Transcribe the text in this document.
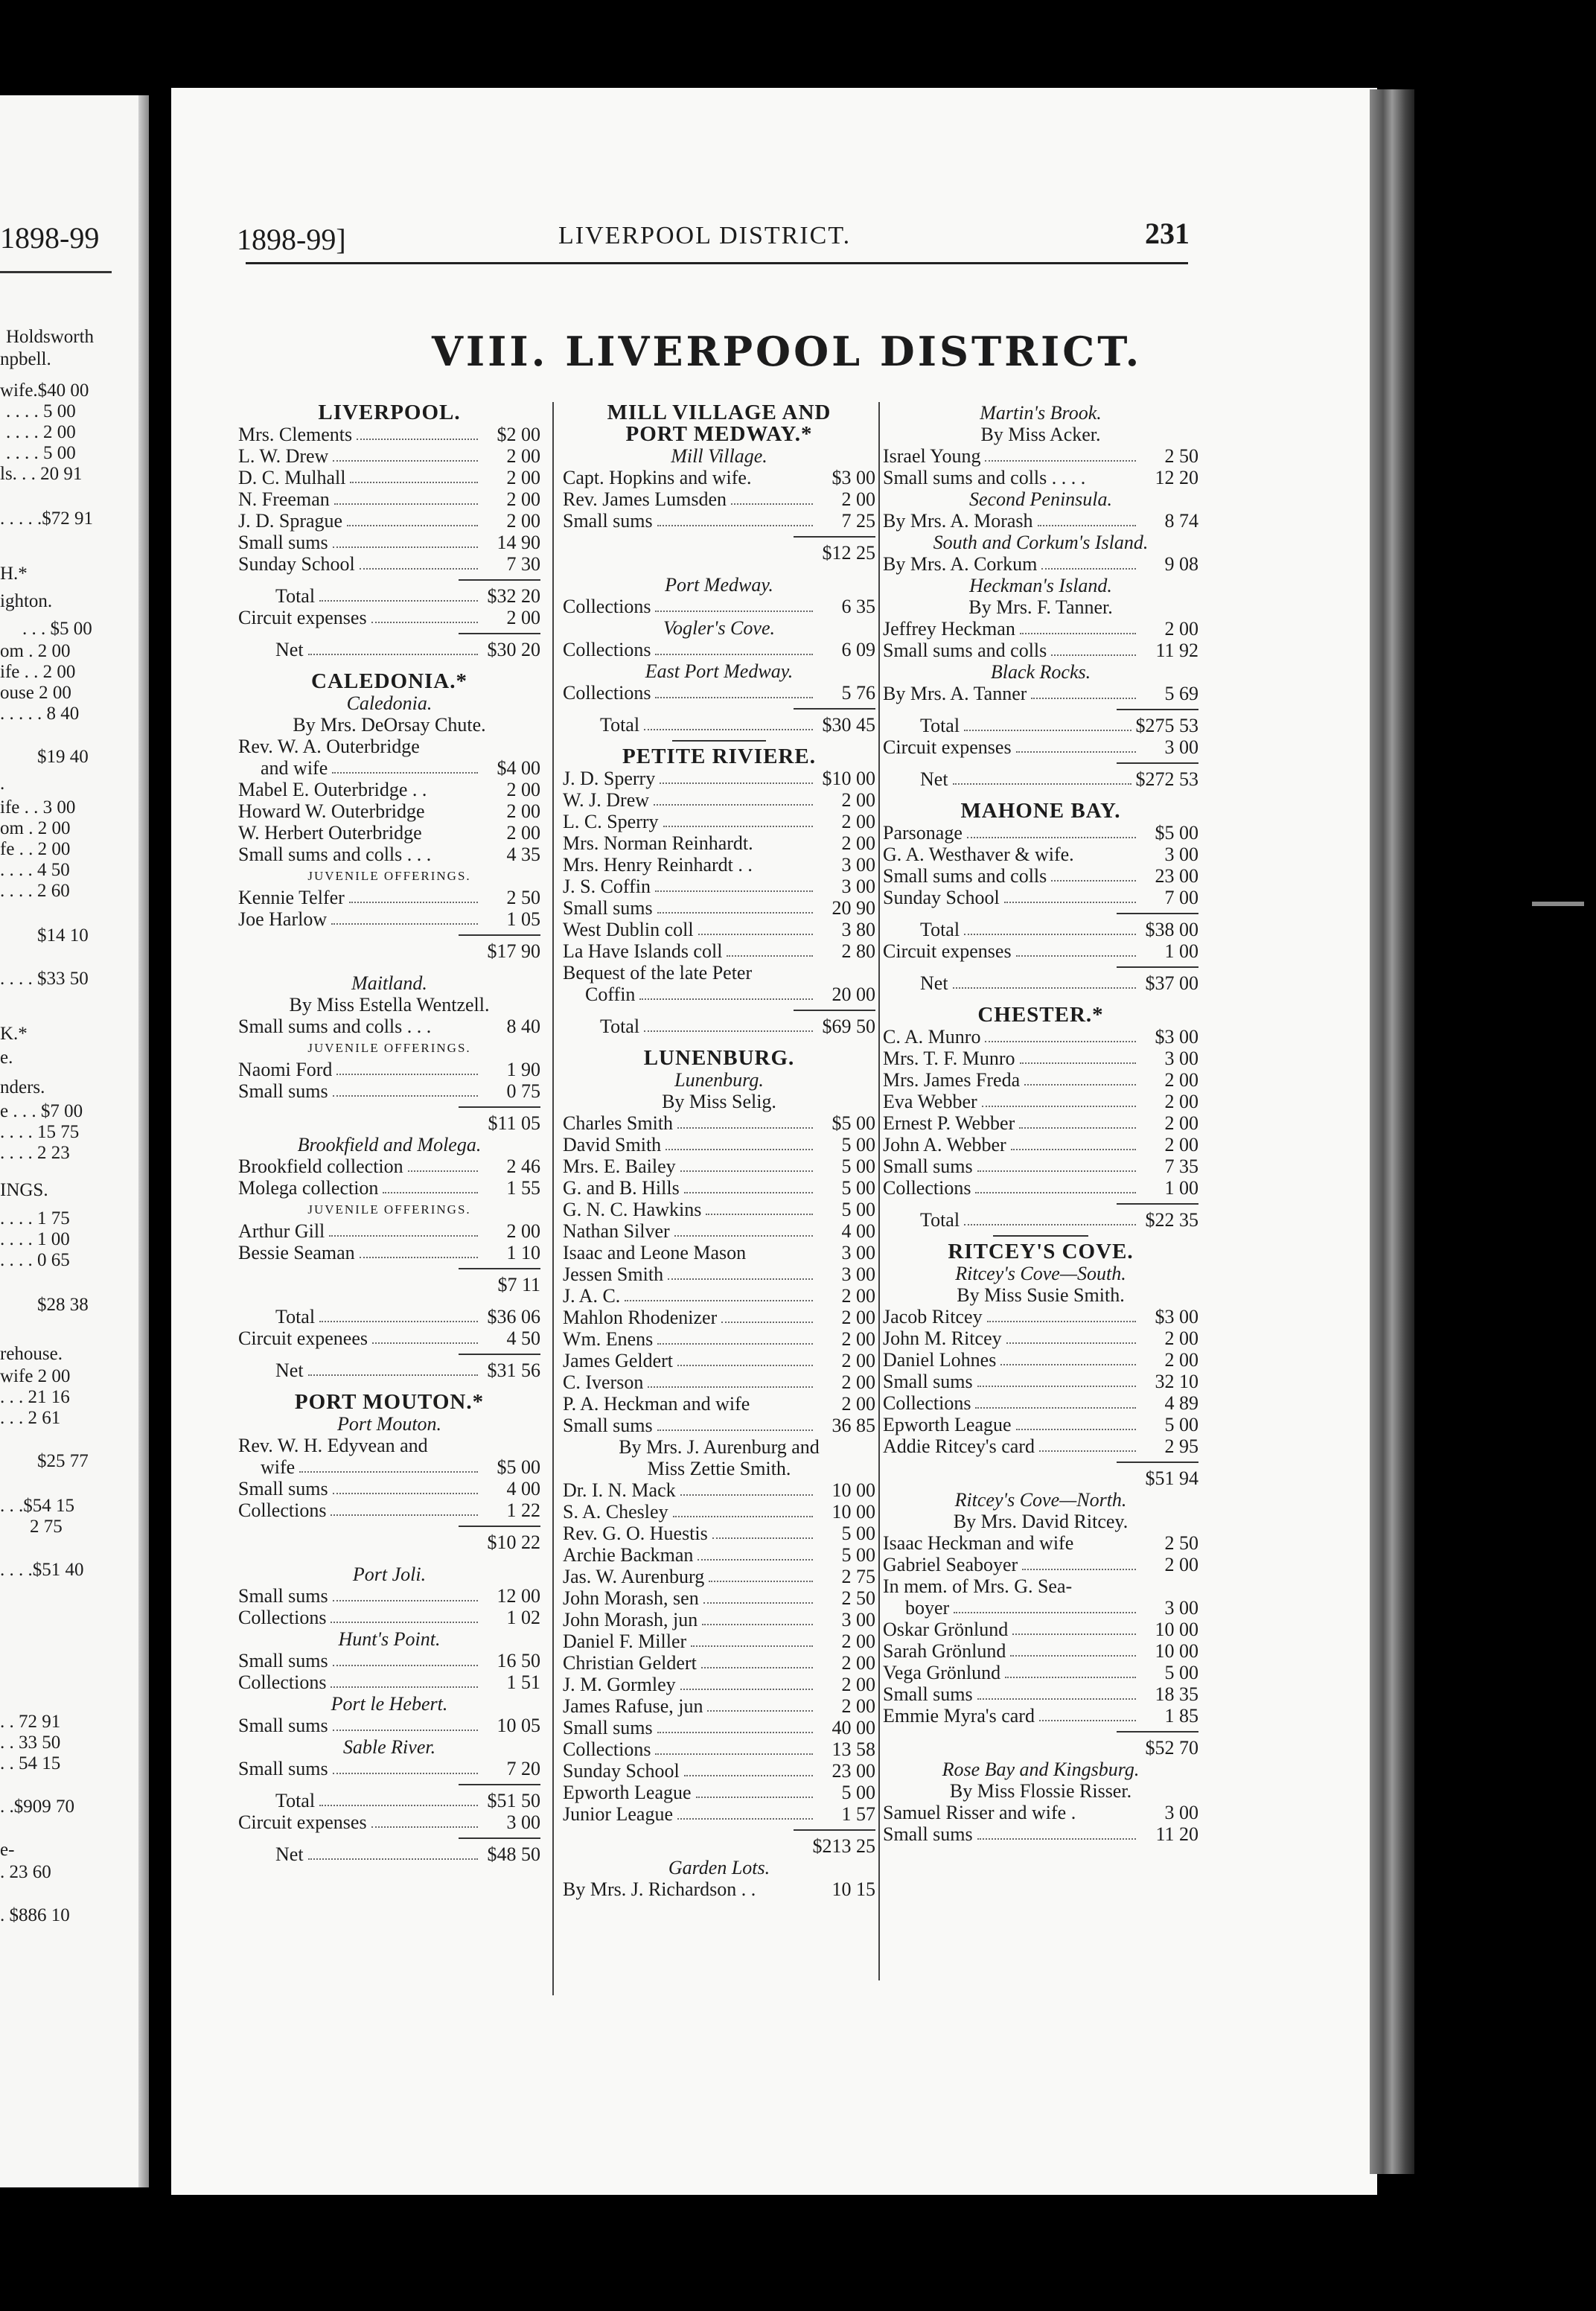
1898-99
Holdsworth
npbell.
wife.$40 00
. . . . 5 00
. . . . 2 00
. . . . 5 00
ls. . . 20 91
. . . . .$72 91
H.*
ighton.
. . . $5 00
om . 2 00
ife . . 2 00
ouse 2 00
. . . . . 8 40
$19 40
.
ife . . 3 00
om . 2 00
fe . . 2 00
. . . . 4 50
. . . . 2 60
$14 10
. . . . $33 50
K.*
e.
nders.
e . . . $7 00
. . . . 15 75
. . . . 2 23
INGS.
. . . . 1 75
. . . . 1 00
. . . . 0 65
$28 38
rehouse.
wife 2 00
. . . 21 16
. . . 2 61
$25 77
. . .$54 15
2 75
. . . .$51 40
. . 72 91
. . 33 50
. . 54 15
. .$909 70
e-
. 23 60
. $886 10
1898-99]	LIVERPOOL DISTRICT.	231
VIII. LIVERPOOL DISTRICT.
LIVERPOOL.
Mrs. Clements	$2 00
L. W. Drew	2 00
D. C. Mulhall	2 00
N. Freeman	2 00
J. D. Sprague	2 00
Small sums	14 90
Sunday School	7 30
Total	$32 20
Circuit expenses	2 00
Net	$30 20
CALEDONIA.*
Caledonia.
By Mrs. DeOrsay Chute.
Rev. W. A. Outerbridge
and wife	$4 00
Mabel E. Outerbridge . .	2 00
Howard W. Outerbridge	2 00
W. Herbert Outerbridge	2 00
Small sums and colls . . .	4 35
JUVENILE OFFERINGS.
Kennie Telfer	2 50
Joe Harlow	1 05
$17 90
Maitland.
By Miss Estella Wentzell.
Small sums and colls . . .	8 40
JUVENILE OFFERINGS.
Naomi Ford	1 90
Small sums	0 75
$11 05
Brookfield and Molega.
Brookfield collection	2 46
Molega collection	1 55
JUVENILE OFFERINGS.
Arthur Gill	2 00
Bessie Seaman	1 10
$7 11
Total	$36 06
Circuit expenees	4 50
Net	$31 56
PORT MOUTON.*
Port Mouton.
Rev. W. H. Edyvean and
wife	$5 00
Small sums	4 00
Collections	1 22
$10 22
Port Joli.
Small sums	12 00
Collections	1 02
Hunt's Point.
Small sums	16 50
Collections	1 51
Port le Hebert.
Small sums	10 05
Sable River.
Small sums	7 20
Total	$51 50
Circuit expenses	3 00
Net	$48 50
MILL VILLAGE AND
PORT MEDWAY.*
Mill Village.
Capt. Hopkins and wife.	$3 00
Rev. James Lumsden	2 00
Small sums	7 25
$12 25
Port Medway.
Collections	6 35
Vogler's Cove.
Collections	6 09
East Port Medway.
Collections	5 76
Total	$30 45
PETITE RIVIERE.
J. D. Sperry	$10 00
W. J. Drew	2 00
L. C. Sperry	2 00
Mrs. Norman Reinhardt.	2 00
Mrs. Henry Reinhardt . .	3 00
J. S. Coffin	3 00
Small sums	20 90
West Dublin coll	3 80
La Have Islands coll	2 80
Bequest of the late Peter
Coffin	20 00
Total	$69 50
LUNENBURG.
Lunenburg.
By Miss Selig.
Charles Smith	$5 00
David Smith	5 00
Mrs. E. Bailey	5 00
G. and B. Hills	5 00
G. N. C. Hawkins	5 00
Nathan Silver	4 00
Isaac and Leone Mason	3 00
Jessen Smith	3 00
J. A. C.	2 00
Mahlon Rhodenizer	2 00
Wm. Enens	2 00
James Geldert	2 00
C. Iverson	2 00
P. A. Heckman and wife	2 00
Small sums	36 85
By Mrs. J. Aurenburg and
Miss Zettie Smith.
Dr. I. N. Mack	10 00
S. A. Chesley	10 00
Rev. G. O. Huestis	5 00
Archie Backman	5 00
Jas. W. Aurenburg	2 75
John Morash, sen	2 50
John Morash, jun	3 00
Daniel F. Miller	2 00
Christian Geldert	2 00
J. M. Gormley	2 00
James Rafuse, jun	2 00
Small sums	40 00
Collections	13 58
Sunday School	23 00
Epworth League	5 00
Junior League	1 57
$213 25
Garden Lots.
By Mrs. J. Richardson . .	10 15
Martin's Brook.
By Miss Acker.
Israel Young	2 50
Small sums and colls . . . .	12 20
Second Peninsula.
By Mrs. A. Morash	8 74
South and Corkum's Island.
By Mrs. A. Corkum	9 08
Heckman's Island.
By Mrs. F. Tanner.
Jeffrey Heckman	2 00
Small sums and colls	11 92
Black Rocks.
By Mrs. A. Tanner	5 69
Total	$275 53
Circuit expenses	3 00
Net	$272 53
MAHONE BAY.
Parsonage	$5 00
G. A. Westhaver & wife.	3 00
Small sums and colls	23 00
Sunday School	7 00
Total	$38 00
Circuit expenses	1 00
Net	$37 00
CHESTER.*
C. A. Munro	$3 00
Mrs. T. F. Munro	3 00
Mrs. James Freda	2 00
Eva Webber	2 00
Ernest P. Webber	2 00
John A. Webber	2 00
Small sums	7 35
Collections	1 00
Total	$22 35
RITCEY'S COVE.
Ritcey's Cove—South.
By Miss Susie Smith.
Jacob Ritcey	$3 00
John M. Ritcey	2 00
Daniel Lohnes	2 00
Small sums	32 10
Collections	4 89
Epworth League	5 00
Addie Ritcey's card	2 95
$51 94
Ritcey's Cove—North.
By Mrs. David Ritcey.
Isaac Heckman and wife	2 50
Gabriel Seaboyer	2 00
In mem. of Mrs. G. Sea-
boyer	3 00
Oskar Grönlund	10 00
Sarah Grönlund	10 00
Vega Grönlund	5 00
Small sums	18 35
Emmie Myra's card	1 85
$52 70
Rose Bay and Kingsburg.
By Miss Flossie Risser.
Samuel Risser and wife .	3 00
Small sums	11 20
